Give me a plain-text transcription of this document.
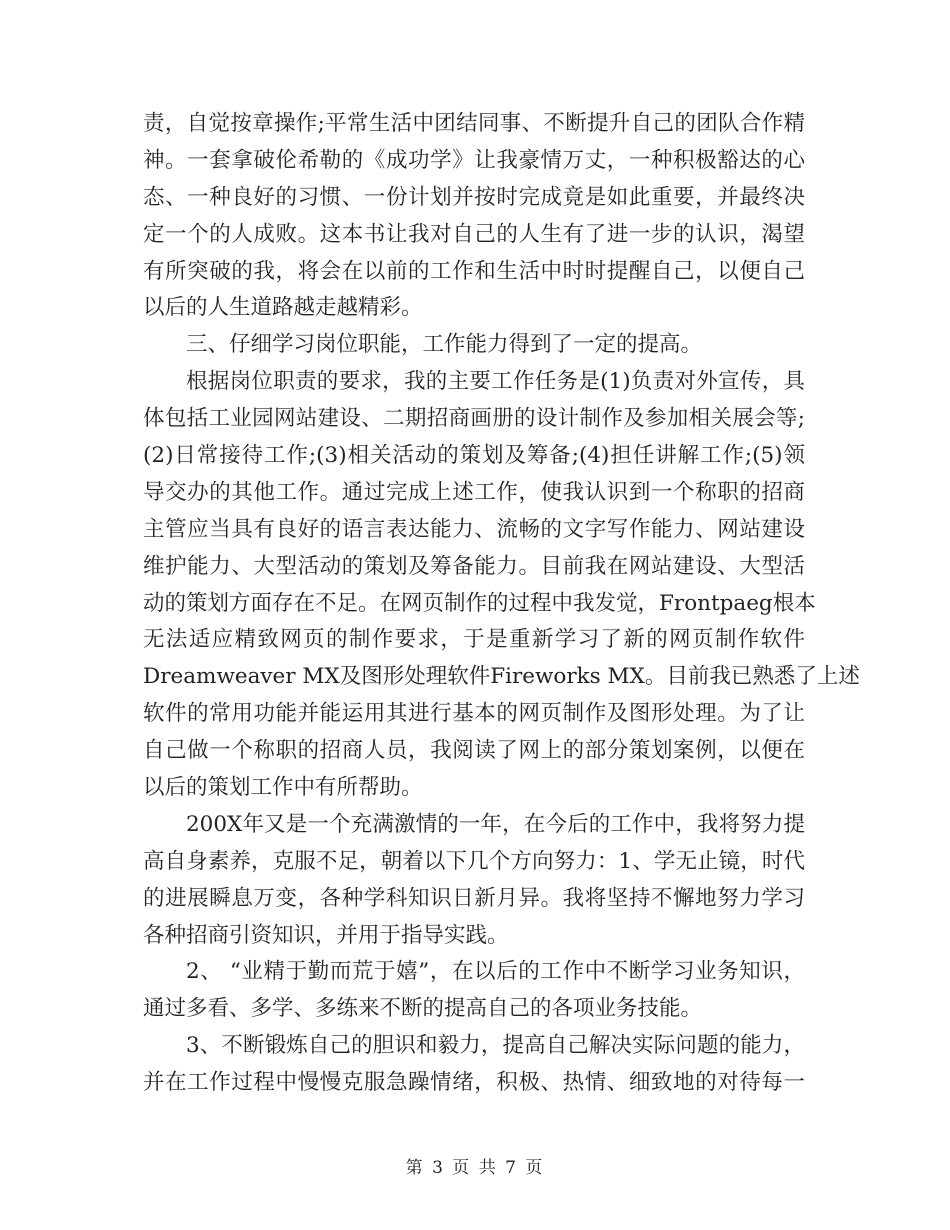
责，自觉按章操作;平常生活中团结同事、不断提升自己的团队合作精
神。一套拿破伦希勒的《成功学》让我豪情万丈，一种积极豁达的心
态、一种良好的习惯、一份计划并按时完成竟是如此重要，并最终决
定一个的人成败。这本书让我对自己的人生有了进一步的认识，渴望
有所突破的我，将会在以前的工作和生活中时时提醒自己，以便自己
以后的人生道路越走越精彩。
三、仔细学习岗位职能，工作能力得到了一定的提高。
根据岗位职责的要求，我的主要工作任务是(1)负责对外宣传，具
体包括工业园网站建设、二期招商画册的设计制作及参加相关展会等;
(2)日常接待工作;(3)相关活动的策划及筹备;(4)担任讲解工作;(5)领
导交办的其他工作。通过完成上述工作，使我认识到一个称职的招商
主管应当具有良好的语言表达能力、流畅的文字写作能力、网站建设
维护能力、大型活动的策划及筹备能力。目前我在网站建设、大型活
动的策划方面存在不足。在网页制作的过程中我发觉，Frontpaeg根本
无法适应精致网页的制作要求，于是重新学习了新的网页制作软件
Dreamweaver MX及图形处理软件Fireworks MX。目前我已熟悉了上述
软件的常用功能并能运用其进行基本的网页制作及图形处理。为了让
自己做一个称职的招商人员，我阅读了网上的部分策划案例，以便在
以后的策划工作中有所帮助。
200X年又是一个充满激情的一年，在今后的工作中，我将努力提
高自身素养，克服不足，朝着以下几个方向努力：1、学无止镜，时代
的进展瞬息万变，各种学科知识日新月异。我将坚持不懈地努力学习
各种招商引资知识，并用于指导实践。
2、 “业精于勤而荒于嬉”，在以后的工作中不断学习业务知识，
通过多看、多学、多练来不断的提高自己的各项业务技能。
3、不断锻炼自己的胆识和毅力，提高自己解决实际问题的能力，
并在工作过程中慢慢克服急躁情绪，积极、热情、细致地的对待每一
第 3 页 共 7 页
